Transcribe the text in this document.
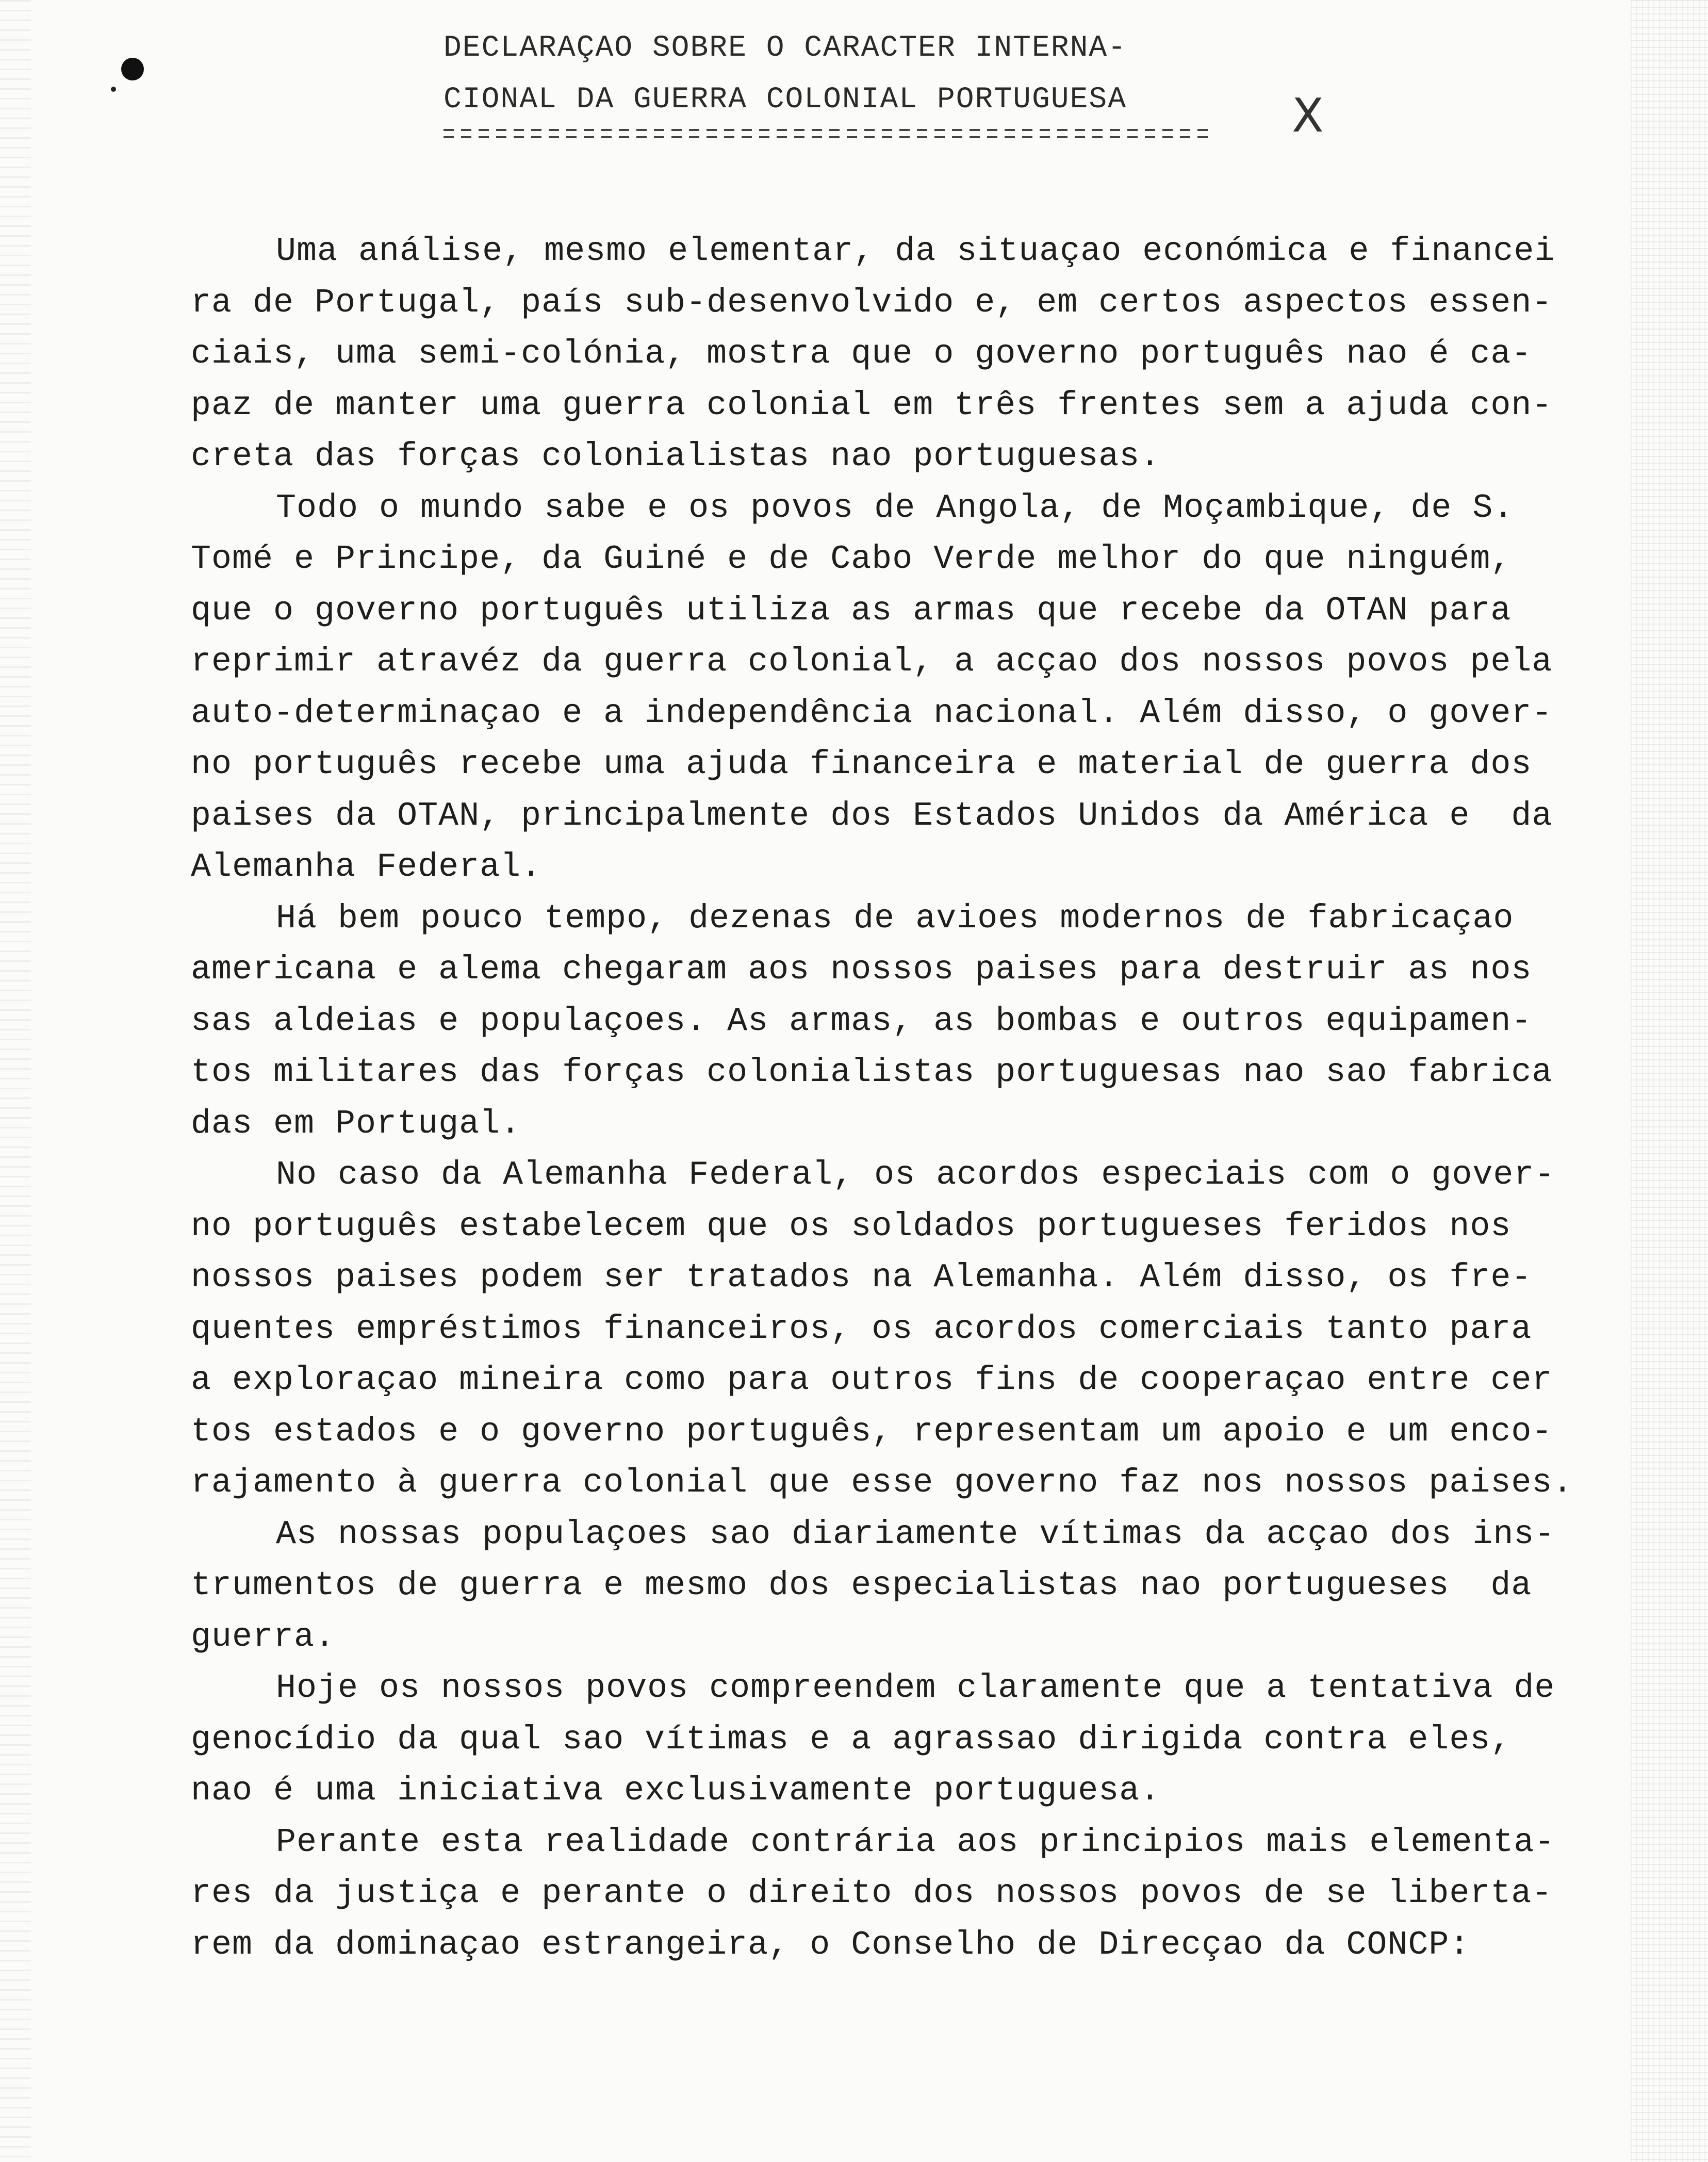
DECLARAÇAO SOBRE O CARACTER INTERNA-
CIONAL DA GUERRA COLONIAL PORTUGUESA	X
Uma análise, mesmo elementar, da situaçao económica e financei
ra de Portugal, país sub-desenvolvido e, em certos aspectos essen-
ciais, uma semi-colónia, mostra que o governo português nao é ca-
paz de manter uma guerra colonial em três frentes sem a ajuda con-
creta das forças colonialistas nao portuguesas.
Todo o mundo sabe e os povos de Angola, de Moçambique, de S.
Tomé e Principe, da Guiné e de Cabo Verde melhor do que ninguém,
que o governo português utiliza as armas que recebe da OTAN para
reprimir atravéz da guerra colonial, a acçao dos nossos povos pela
auto-determinaçao e a independência nacional. Além disso, o gover-
no português recebe uma ajuda financeira e material de guerra dos
paises da OTAN, principalmente dos Estados Unidos da América e  da
Alemanha Federal.
Há bem pouco tempo, dezenas de avioes modernos de fabricaçao
americana e alema chegaram aos nossos paises para destruir as nos
sas aldeias e populaçoes. As armas, as bombas e outros equipamen-
tos militares das forças colonialistas portuguesas nao sao fabrica
das em Portugal.
No caso da Alemanha Federal, os acordos especiais com o gover-
no português estabelecem que os soldados portugueses feridos nos
nossos paises podem ser tratados na Alemanha. Além disso, os fre-
quentes empréstimos financeiros, os acordos comerciais tanto para
a exploraçao mineira como para outros fins de cooperaçao entre cer
tos estados e o governo português, representam um apoio e um enco-
rajamento à guerra colonial que esse governo faz nos nossos paises.
As nossas populaçoes sao diariamente vítimas da acçao dos ins-
trumentos de guerra e mesmo dos especialistas nao portugueses  da
guerra.
Hoje os nossos povos compreendem claramente que a tentativa de
genocídio da qual sao vítimas e a agrassao dirigida contra eles,
nao é uma iniciativa exclusivamente portuguesa.
Perante esta realidade contrária aos principios mais elementa-
res da justiça e perante o direito dos nossos povos de se liberta-
rem da dominaçao estrangeira, o Conselho de Direcçao da CONCP:
